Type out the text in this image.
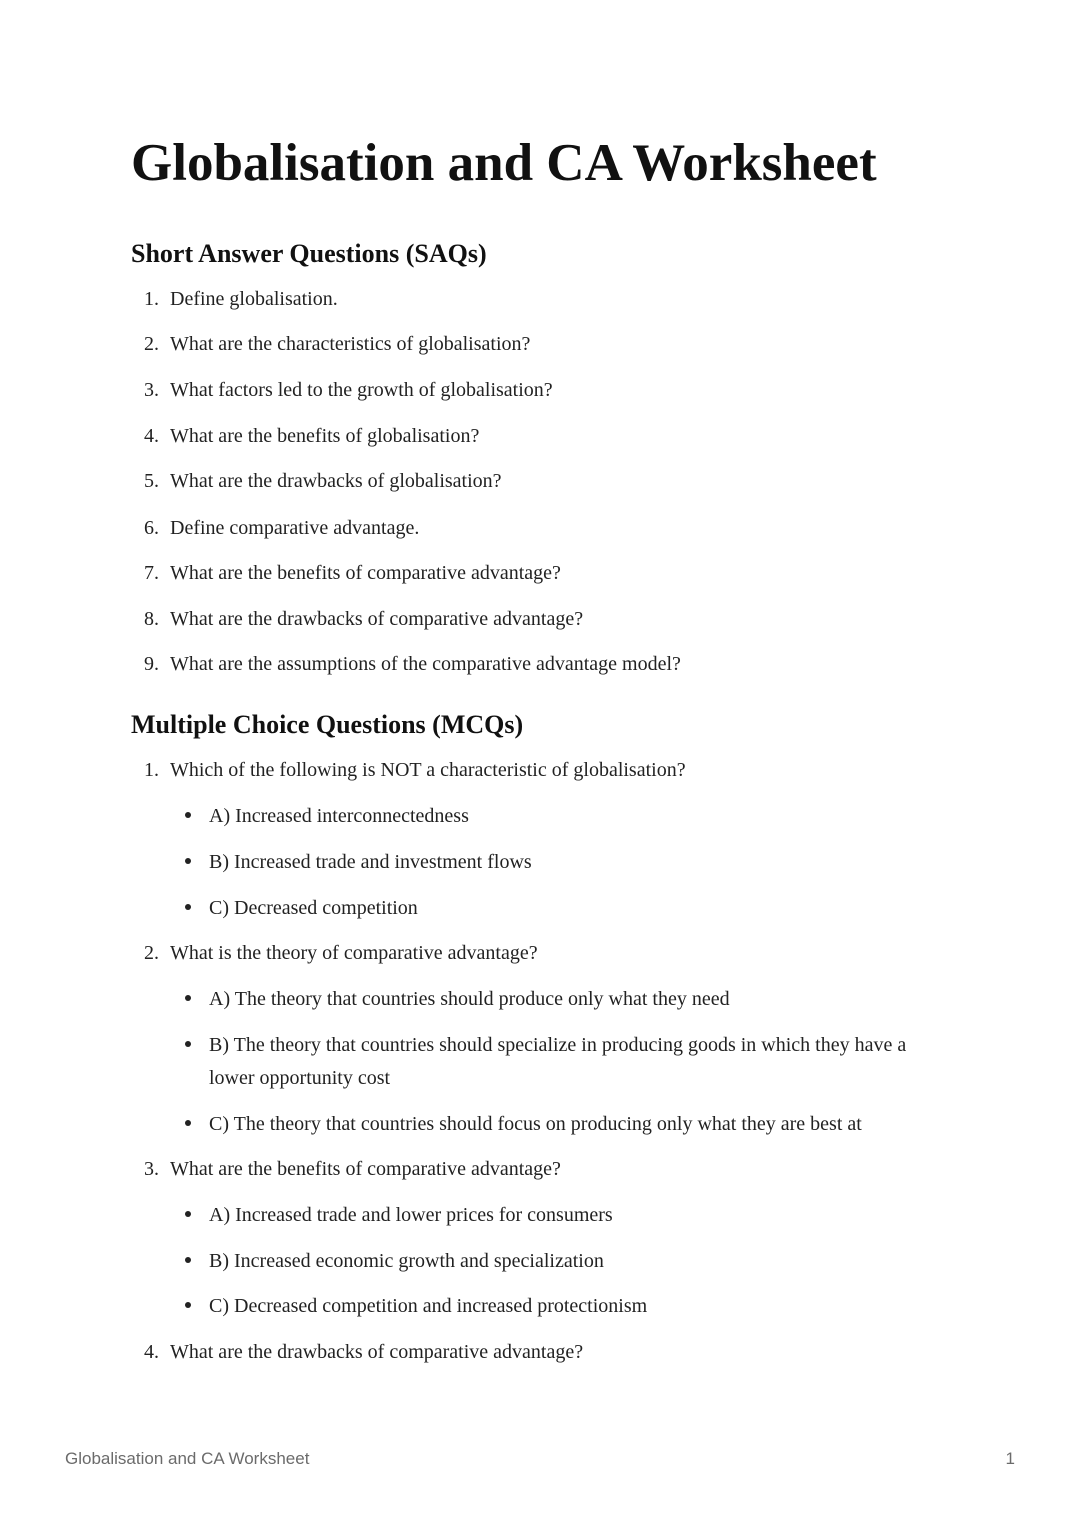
Globalisation and CA Worksheet
Short Answer Questions (SAQs)
1. Define globalisation.
2. What are the characteristics of globalisation?
3. What factors led to the growth of globalisation?
4. What are the benefits of globalisation?
5. What are the drawbacks of globalisation?
6. Define comparative advantage.
7. What are the benefits of comparative advantage?
8. What are the drawbacks of comparative advantage?
9. What are the assumptions of the comparative advantage model?
Multiple Choice Questions (MCQs)
1. Which of the following is NOT a characteristic of globalisation?
A) Increased interconnectedness
B) Increased trade and investment flows
C) Decreased competition
2. What is the theory of comparative advantage?
A) The theory that countries should produce only what they need
B) The theory that countries should specialize in producing goods in which they have a lower opportunity cost
C) The theory that countries should focus on producing only what they are best at
3. What are the benefits of comparative advantage?
A) Increased trade and lower prices for consumers
B) Increased economic growth and specialization
C) Decreased competition and increased protectionism
4. What are the drawbacks of comparative advantage?
Globalisation and CA Worksheet	1
